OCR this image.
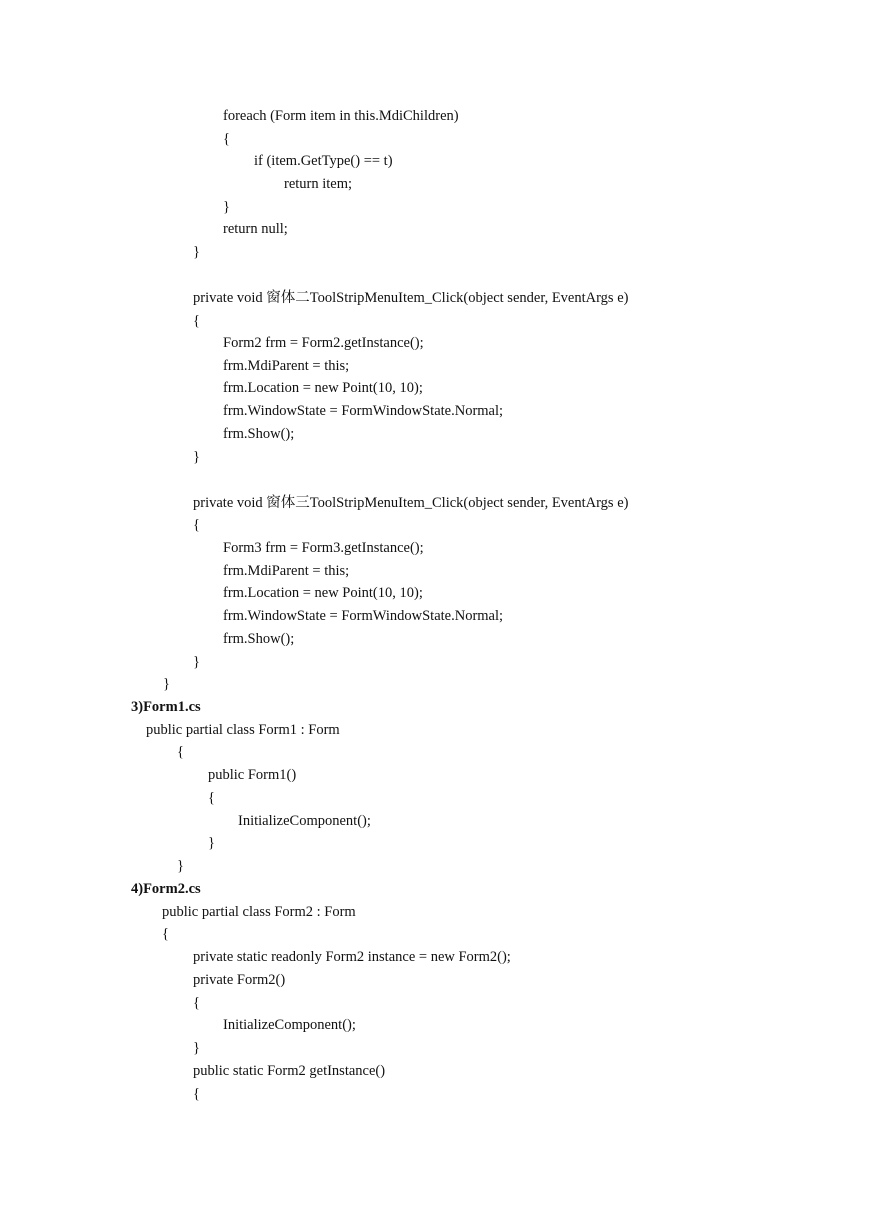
foreach (Form item in this.MdiChildren)
{
if (item.GetType() == t)
return item;
}
return null;
}
private void 窗体二ToolStripMenuItem_Click(object sender, EventArgs e)
{
Form2 frm = Form2.getInstance();
frm.MdiParent = this;
frm.Location = new Point(10, 10);
frm.WindowState = FormWindowState.Normal;
frm.Show();
}
private void 窗体三ToolStripMenuItem_Click(object sender, EventArgs e)
{
Form3 frm = Form3.getInstance();
frm.MdiParent = this;
frm.Location = new Point(10, 10);
frm.WindowState = FormWindowState.Normal;
frm.Show();
}
}
3)Form1.cs
public partial class Form1 : Form
{
public Form1()
{
InitializeComponent();
}
}
4)Form2.cs
public partial class Form2 : Form
{
private static readonly Form2 instance = new Form2();
private Form2()
{
InitializeComponent();
}
public static Form2 getInstance()
{
